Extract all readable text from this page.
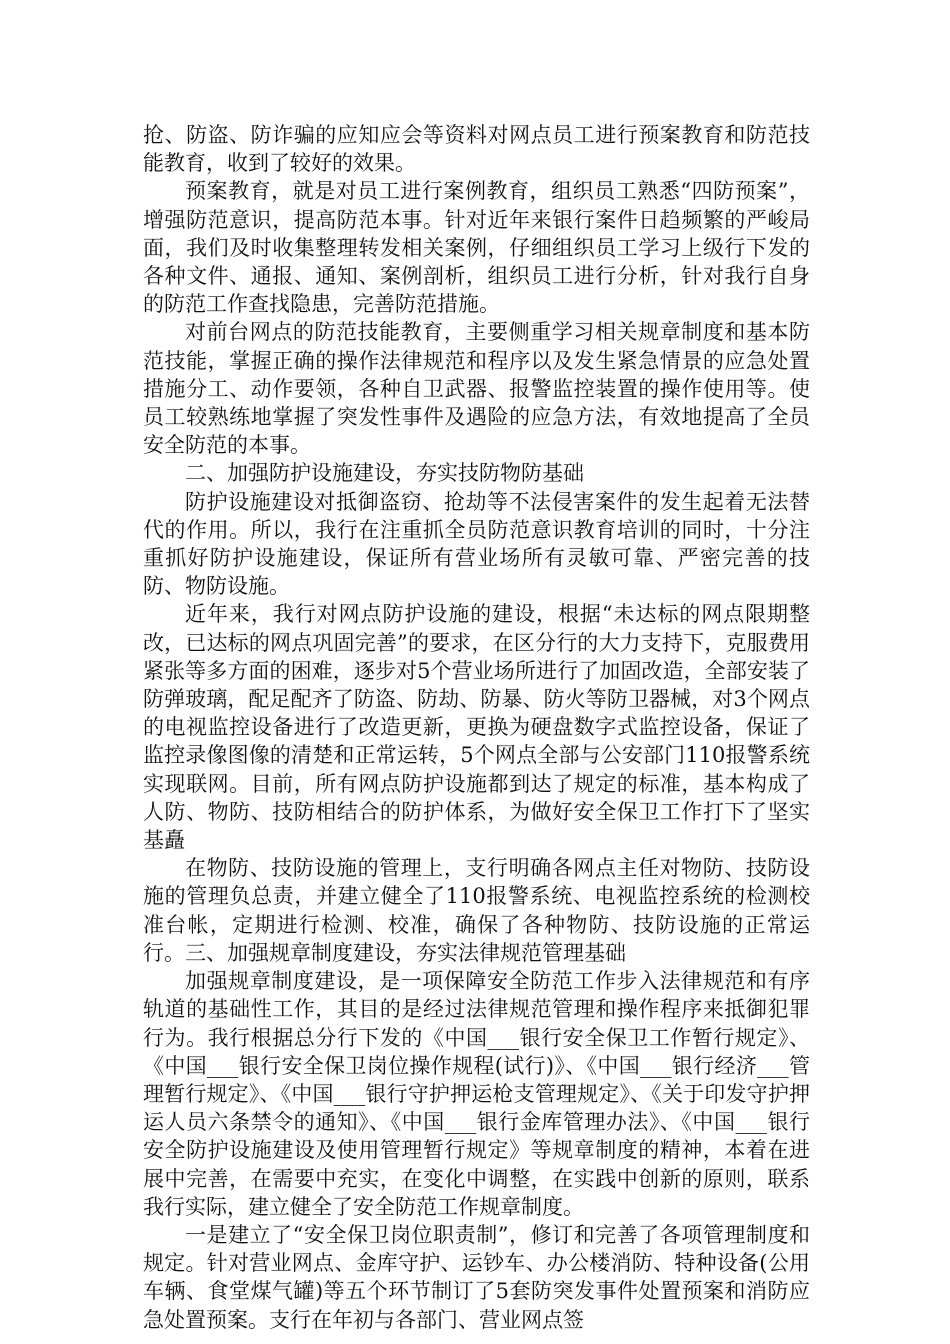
抢、防盗、防诈骗的应知应会等资料对网点员工进行预案教育和防范技能教育，收到了较好的效果。

预案教育，就是对员工进行案例教育，组织员工熟悉“四防预案”，增强防范意识，提高防范本事。针对近年来银行案件日趋频繁的严峻局面，我们及时收集整理转发相关案例，仔细组织员工学习上级行下发的各种文件、通报、通知、案例剖析，组织员工进行分析，针对我行自身的防范工作查找隐患，完善防范措施。

对前台网点的防范技能教育，主要侧重学习相关规章制度和基本防范技能，掌握正确的操作法律规范和程序以及发生紧急情景的应急处置措施分工、动作要领，各种自卫武器、报警监控装置的操作使用等。使员工较熟练地掌握了突发性事件及遇险的应急方法，有效地提高了全员安全防范的本事。

二、加强防护设施建设，夯实技防物防基础

防护设施建设对抵御盗窃、抢劫等不法侵害案件的发生起着无法替代的作用。所以，我行在注重抓全员防范意识教育培训的同时，十分注重抓好防护设施建设，保证所有营业场所有灵敏可靠、严密完善的技防、物防设施。

近年来，我行对网点防护设施的建设，根据“未达标的网点限期整改，已达标的网点巩固完善”的要求，在区分行的大力支持下，克服费用紧张等多方面的困难，逐步对5个营业场所进行了加固改造，全部安装了防弹玻璃，配足配齐了防盗、防劫、防暴、防火等防卫器械，对3个网点的电视监控设备进行了改造更新，更换为硬盘数字式监控设备，保证了监控录像图像的清楚和正常运转，5个网点全部与公安部门110报警系统实现联网。目前，所有网点防护设施都到达了规定的标准，基本构成了人防、物防、技防相结合的防护体系，为做好安全保卫工作打下了坚实基矗

在物防、技防设施的管理上，支行明确各网点主任对物防、技防设施的管理负总责，并建立健全了110报警系统、电视监控系统的检测校准台帐，定期进行检测、校准，确保了各种物防、技防设施的正常运行。三、加强规章制度建设，夯实法律规范管理基础

加强规章制度建设，是一项保障安全防范工作步入法律规范和有序轨道的基础性工作，其目的是经过法律规范管理和操作程序来抵御犯罪行为。我行根据总分行下发的《中国___银行安全保卫工作暂行规定》、《中国___银行安全保卫岗位操作规程(试行)》、《中国___银行经济___管理暂行规定》、《中国___银行守护押运枪支管理规定》、《关于印发守护押运人员六条禁令的通知》、《中国___银行金库管理办法》、《中国___银行安全防护设施建设及使用管理暂行规定》等规章制度的精神，本着在进展中完善，在需要中充实，在变化中调整，在实践中创新的原则，联系我行实际，建立健全了安全防范工作规章制度。

一是建立了“安全保卫岗位职责制”，修订和完善了各项管理制度和规定。针对营业网点、金库守护、运钞车、办公楼消防、特种设备(公用车辆、食堂煤气罐)等五个环节制订了5套防突发事件处置预案和消防应急处置预案。支行在年初与各部门、营业网点签
